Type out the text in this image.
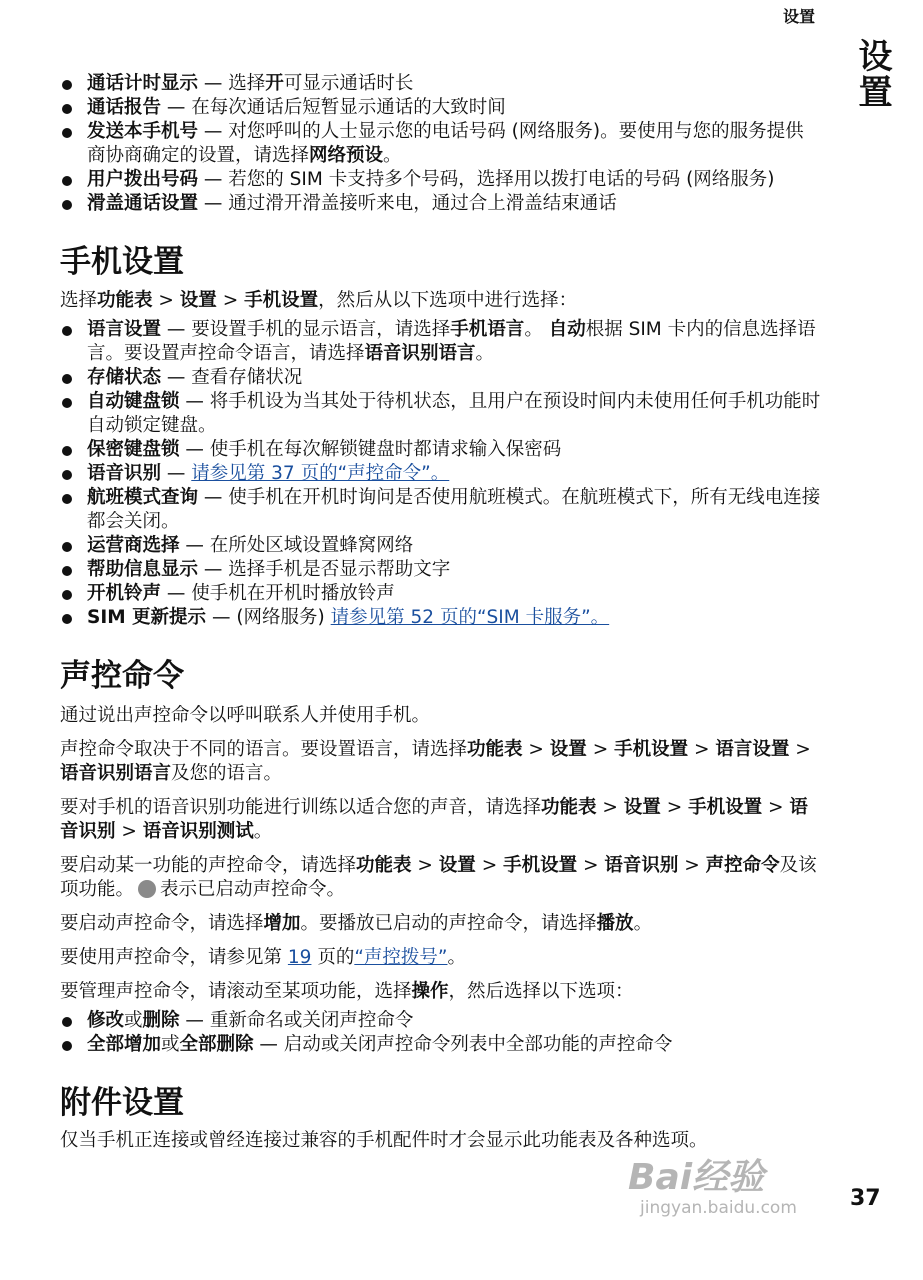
设置
设置
通话计时显示 — 选择开可显示通话时长
通话报告 — 在每次通话后短暂显示通话的大致时间
发送本手机号 — 对您呼叫的人士显示您的电话号码 (网络服务)。要使用与您的服务提供商协商确定的设置，请选择网络预设。
用户拨出号码 — 若您的 SIM 卡支持多个号码，选择用以拨打电话的号码 (网络服务)
滑盖通话设置 — 通过滑开滑盖接听来电，通过合上滑盖结束通话
手机设置

选择功能表 > 设置 > 手机设置，然后从以下选项中进行选择：

语言设置 — 要设置手机的显示语言，请选择手机语言。 自动根据 SIM 卡内的信息选择语言。要设置声控命令语言，请选择语音识别语言。
存储状态 — 查看存储状况
自动键盘锁 — 将手机设为当其处于待机状态，且用户在预设时间内未使用任何手机功能时自动锁定键盘。
保密键盘锁 — 使手机在每次解锁键盘时都请求输入保密码
语音识别 — 请参见第 37 页的“声控命令”。
航班模式查询 — 使手机在开机时询问是否使用航班模式。在航班模式下，所有无线电连接都会关闭。
运营商选择 — 在所处区域设置蜂窝网络
帮助信息显示 — 选择手机是否显示帮助文字
开机铃声 — 使手机在开机时播放铃声
SIM 更新提示 — (网络服务) 请参见第 52 页的“SIM 卡服务”。
声控命令

通过说出声控命令以呼叫联系人并使用手机。

声控命令取决于不同的语言。要设置语言，请选择功能表 > 设置 > 手机设置 > 语言设置 > 语音识别语言及您的语言。

要对手机的语音识别功能进行训练以适合您的声音，请选择功能表 > 设置 > 手机设置 > 语音识别 > 语音识别测试。

要启动某一功能的声控命令，请选择功能表 > 设置 > 手机设置 > 语音识别 > 声控命令及该项功能。 表示已启动声控命令。

要启动声控命令，请选择增加。要播放已启动的声控命令，请选择播放。

要使用声控命令，请参见第 19 页的“声控拨号”。

要管理声控命令，请滚动至某项功能，选择操作，然后选择以下选项：

修改或删除 — 重新命名或关闭声控命令
全部增加或全部删除 — 启动或关闭声控命令列表中全部功能的声控命令
附件设置

仅当手机正连接或曾经连接过兼容的手机配件时才会显示此功能表及各种选项。

Bai经验
jingyan.baidu.com 37
